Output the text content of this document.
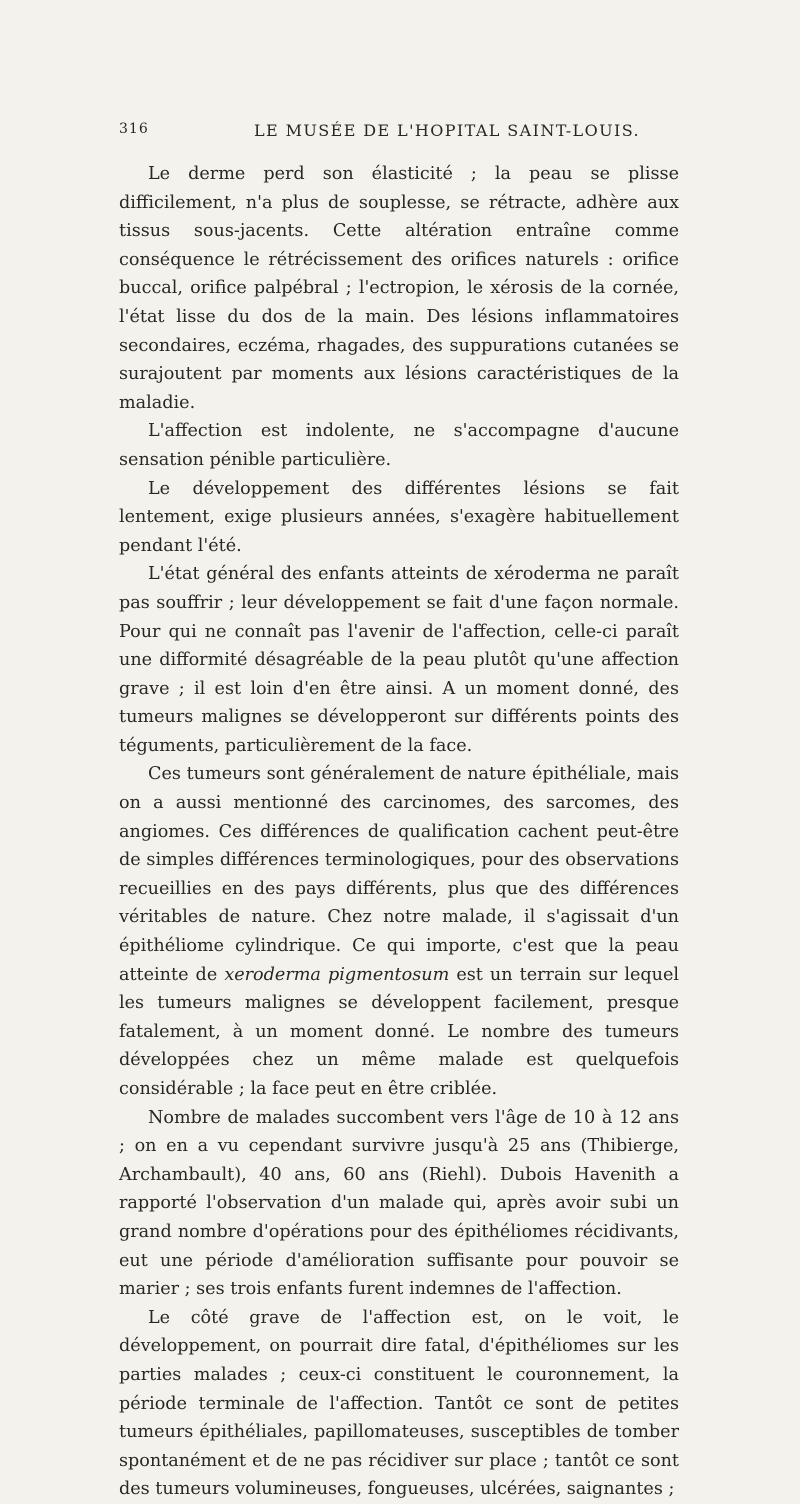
316	LE MUSÉE DE L'HOPITAL SAINT-LOUIS.

Le derme perd son élasticité ; la peau se plisse difficilement, n'a plus de souplesse, se rétracte, adhère aux tissus sous-jacents. Cette altération entraîne comme conséquence le rétrécissement des orifices naturels : orifice buccal, orifice palpébral ; l'ectropion, le xérosis de la cornée, l'état lisse du dos de la main. Des lésions inflammatoires secondaires, eczéma, rhagades, des suppurations cutanées se surajoutent par moments aux lésions caractéristiques de la maladie.

L'affection est indolente, ne s'accompagne d'aucune sensation pénible particulière.

Le développement des différentes lésions se fait lentement, exige plusieurs années, s'exagère habituellement pendant l'été.

L'état général des enfants atteints de xéroderma ne paraît pas souffrir ; leur développement se fait d'une façon normale. Pour qui ne connaît pas l'avenir de l'affection, celle-ci paraît une difformité désagréable de la peau plutôt qu'une affection grave ; il est loin d'en être ainsi. A un moment donné, des tumeurs malignes se développeront sur différents points des téguments, particulièrement de la face.

Ces tumeurs sont généralement de nature épithéliale, mais on a aussi mentionné des carcinomes, des sarcomes, des angiomes. Ces différences de qualification cachent peut-être de simples différences terminologiques, pour des observations recueillies en des pays différents, plus que des différences véritables de nature. Chez notre malade, il s'agissait d'un épithéliome cylindrique. Ce qui importe, c'est que la peau atteinte de xeroderma pigmentosum est un terrain sur lequel les tumeurs malignes se développent facilement, presque fatalement, à un moment donné. Le nombre des tumeurs développées chez un même malade est quelquefois considérable ; la face peut en être criblée.

Nombre de malades succombent vers l'âge de 10 à 12 ans ; on en a vu cependant survivre jusqu'à 25 ans (Thibierge, Archambault), 40 ans, 60 ans (Riehl). Dubois Havenith a rapporté l'observation d'un malade qui, après avoir subi un grand nombre d'opérations pour des épithéliomes récidivants, eut une période d'amélioration suffisante pour pouvoir se marier ; ses trois enfants furent indemnes de l'affection.

Le côté grave de l'affection est, on le voit, le développement, on pourrait dire fatal, d'épithéliomes sur les parties malades ; ceux-ci constituent le couronnement, la période terminale de l'affection. Tantôt ce sont de petites tumeurs épithéliales, papillomateuses, susceptibles de tomber spontanément et de ne pas récidiver sur place ; tantôt ce sont des tumeurs volumineuses, fongueuses, ulcérées, saignantes ;
